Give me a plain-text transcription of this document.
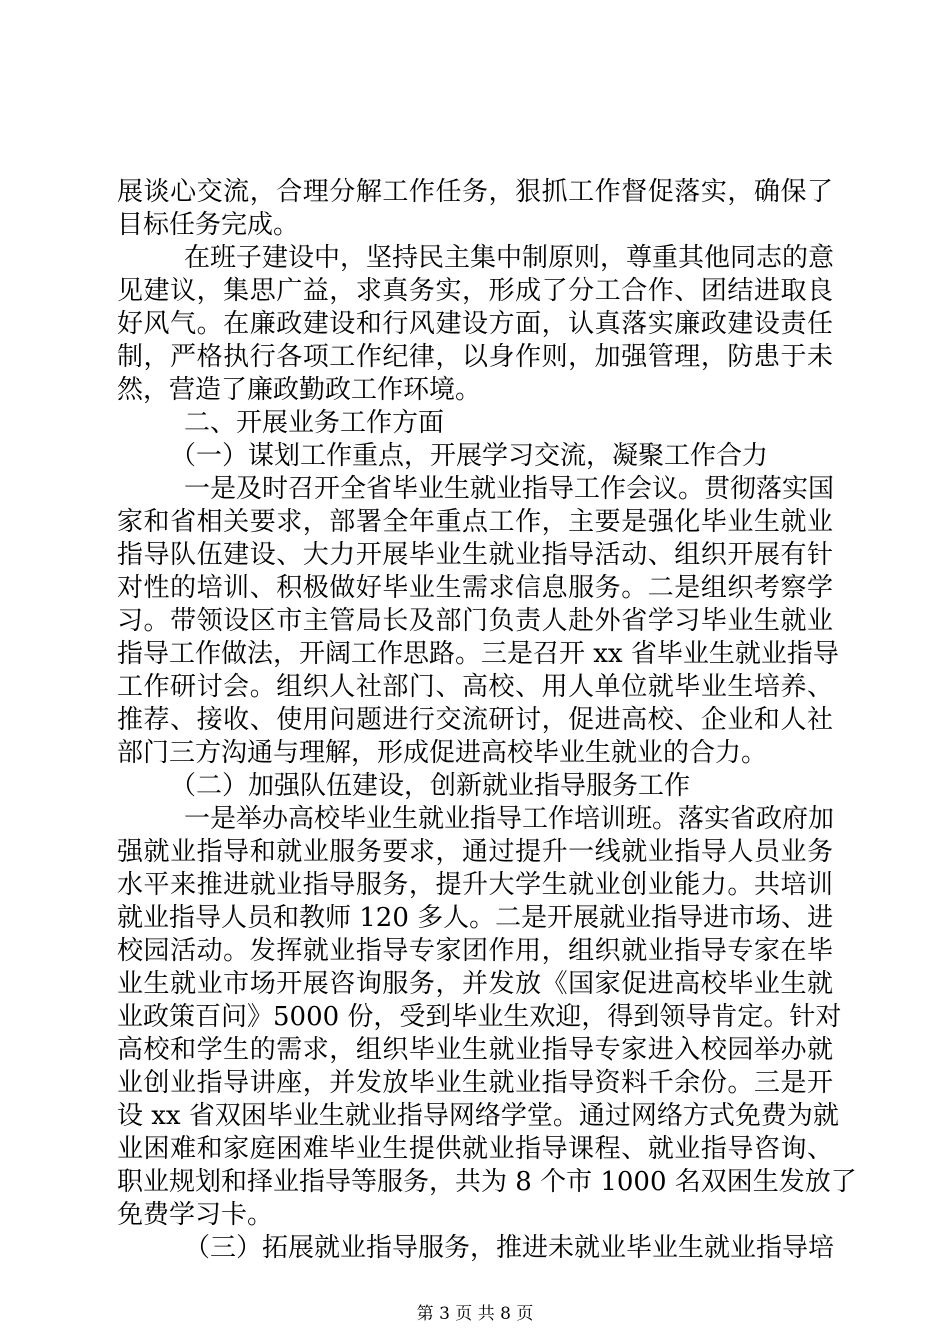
展谈心交流，合理分解工作任务，狠抓工作督促落实，确保了
目标任务完成。
在班子建设中，坚持民主集中制原则，尊重其他同志的意
见建议，集思广益，求真务实，形成了分工合作、团结进取良
好风气。在廉政建设和行风建设方面，认真落实廉政建设责任
制，严格执行各项工作纪律，以身作则，加强管理，防患于未
然，营造了廉政勤政工作环境。
二、开展业务工作方面
（一）谋划工作重点，开展学习交流，凝聚工作合力
一是及时召开全省毕业生就业指导工作会议。贯彻落实国
家和省相关要求，部署全年重点工作，主要是强化毕业生就业
指导队伍建设、大力开展毕业生就业指导活动、组织开展有针
对性的培训、积极做好毕业生需求信息服务。二是组织考察学
习。带领设区市主管局长及部门负责人赴外省学习毕业生就业
指导工作做法，开阔工作思路。三是召开 xx 省毕业生就业指导
工作研讨会。组织人社部门、高校、用人单位就毕业生培养、
推荐、接收、使用问题进行交流研讨，促进高校、企业和人社
部门三方沟通与理解，形成促进高校毕业生就业的合力。
（二）加强队伍建设，创新就业指导服务工作
一是举办高校毕业生就业指导工作培训班。落实省政府加
强就业指导和就业服务要求，通过提升一线就业指导人员业务
水平来推进就业指导服务，提升大学生就业创业能力。共培训
就业指导人员和教师 120 多人。二是开展就业指导进市场、进
校园活动。发挥就业指导专家团作用，组织就业指导专家在毕
业生就业市场开展咨询服务，并发放《国家促进高校毕业生就
业政策百问》5000 份，受到毕业生欢迎，得到领导肯定。针对
高校和学生的需求，组织毕业生就业指导专家进入校园举办就
业创业指导讲座，并发放毕业生就业指导资料千余份。三是开
设 xx 省双困毕业生就业指导网络学堂。通过网络方式免费为就
业困难和家庭困难毕业生提供就业指导课程、就业指导咨询、
职业规划和择业指导等服务，共为 8 个市 1000 名双困生发放了
免费学习卡。
（三）拓展就业指导服务，推进未就业毕业生就业指导培
第 3 页 共 8 页
